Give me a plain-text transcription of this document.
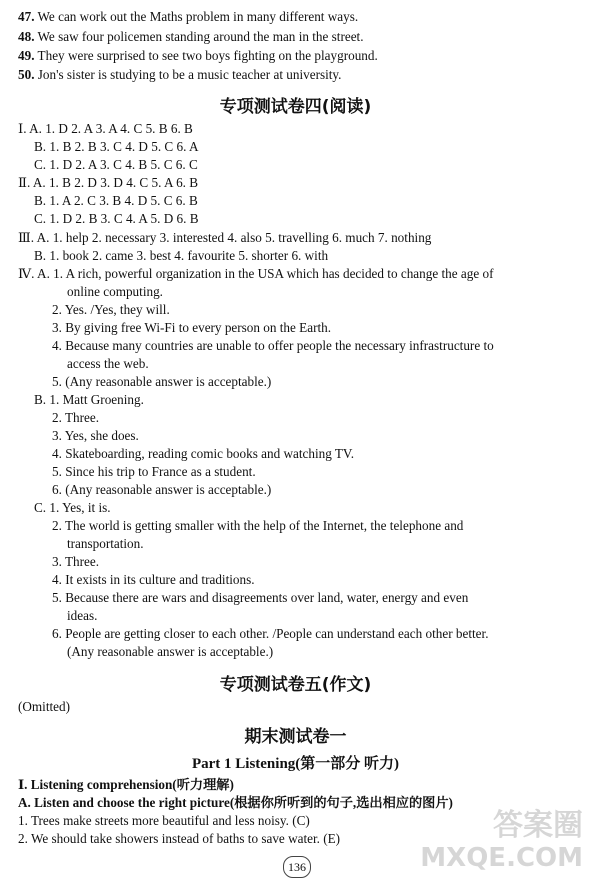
47. We can work out the Maths problem in many different ways.
48. We saw four policemen standing around the man in the street.
49. They were surprised to see two boys fighting on the playground.
50. Jon's sister is studying to be a music teacher at university.
专项测试卷四(阅读)
Ⅰ. A. 1. D 2. A 3. A 4. C 5. B 6. B
B. 1. B 2. B 3. C 4. D 5. C 6. A
C. 1. D 2. A 3. C 4. B 5. C 6. C
Ⅱ. A. 1. B 2. D 3. D 4. C 5. A 6. B
B. 1. A 2. C 3. B 4. D 5. C 6. B
C. 1. D 2. B 3. C 4. A 5. D 6. B
Ⅲ. A. 1. help 2. necessary 3. interested 4. also 5. travelling 6. much 7. nothing
B. 1. book 2. came 3. best 4. favourite 5. shorter 6. with
Ⅳ. A. 1. A rich, powerful organization in the USA which has decided to change the age of
online computing.
2. Yes. /Yes, they will.
3. By giving free Wi-Fi to every person on the Earth.
4. Because many countries are unable to offer people the necessary infrastructure to
access the web.
5. (Any reasonable answer is acceptable.)
B. 1. Matt Groening.
2. Three.
3. Yes, she does.
4. Skateboarding, reading comic books and watching TV.
5. Since his trip to France as a student.
6. (Any reasonable answer is acceptable.)
C. 1. Yes, it is.
2. The world is getting smaller with the help of the Internet, the telephone and
transportation.
3. Three.
4. It exists in its culture and traditions.
5. Because there are wars and disagreements over land, water, energy and even
ideas.
6. People are getting closer to each other. /People can understand each other better.
(Any reasonable answer is acceptable.)
专项测试卷五(作文)
(Omitted)
期末测试卷一
Part 1 Listening(第一部分 听力)
Ⅰ. Listening comprehension(听力理解)
A. Listen and choose the right picture(根据你所听到的句子,选出相应的图片)
1. Trees make streets more beautiful and less noisy. (C)
2. We should take showers instead of baths to save water. (E)
136
答案圈
MXQE.COM
